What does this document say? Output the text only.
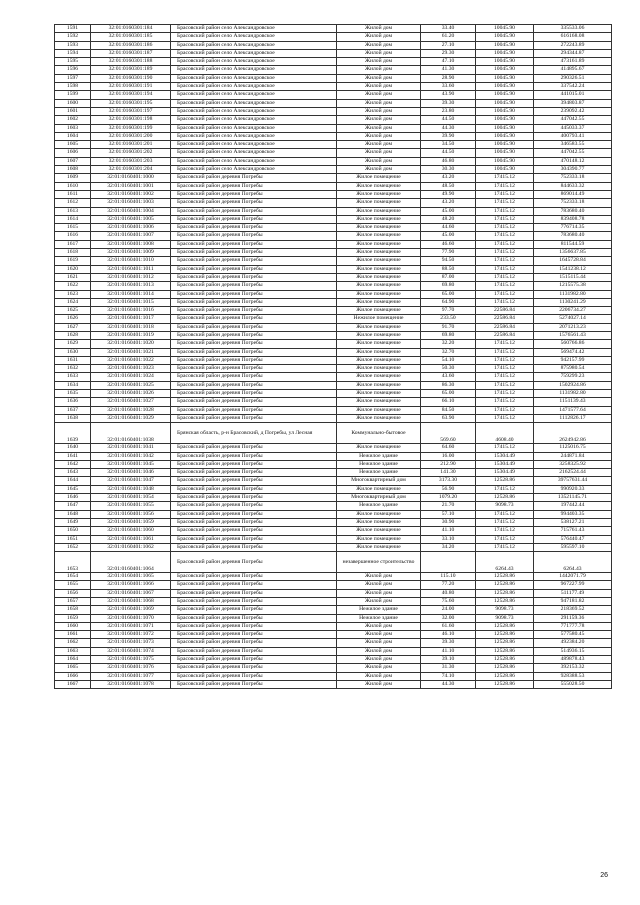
1591	32:01:0160301:184	Брасовский район село Александровское	Жилой дом	33.40	10045.90	335533.06
1592	32:01:0160301:185	Брасовский район село Александровское	Жилой дом	61.20	10045.90	616168.08
1593	32:01:0160301:186	Брасовский район село Александровское	Жилой дом	27.10	10045.90	272243.89
1594	32:01:0160301:187	Брасовский район село Александровское	Жилой дом	29.30	10045.90	294344.87
1595	32:01:0160301:188	Брасовский район село Александровское	Жилой дом	47.10	10045.90	473161.89
1596	32:01:0160301:189	Брасовский район село Александровское	Жилой дом	41.30	10045.90	414895.67
1597	32:01:0160301:190	Брасовский район село Александровское	Жилой дом	28.90	10045.90	290326.51
1598	32:01:0160301:191	Брасовский район село Александровское	Жилой дом	33.60	10045.90	337542.24
1599	32:01:0160301:194	Брасовский район село Александровское	Жилой дом	43.90	10045.90	441015.01
1600	32:01:0160301:195	Брасовский район село Александровское	Жилой дом	39.30	10045.90	394803.87
1601	32:01:0160301:197	Брасовский район село Александровское	Жилой дом	23.80	10045.90	239092.42
1602	32:01:0160301:198	Брасовский район село Александровское	Жилой дом	44.50	10045.90	447042.55
1603	32:01:0160301:199	Брасовский район село Александровское	Жилой дом	44.30	10045.90	445033.37
1604	32:01:0160301:200	Брасовский район село Александровское	Жилой дом	39.90	10045.90	400793.41
1605	32:01:0160301:201	Брасовский район село Александровское	Жилой дом	34.50	10045.90	346583.55
1606	32:01:0160301:202	Брасовский район село Александровское	Жилой дом	44.50	10045.90	447042.55
1607	32:01:0160301:203	Брасовский район село Александровское	Жилой дом	46.80	10045.90	470148.12
1608	32:01:0160301:204	Брасовский район село Александровское	Жилой дом	30.30	10045.90	304390.77
1609	32:01:0160401:1000	Брасовский район деревня Погребы	Жилое помещение	43.20	17415.12	752333.18
1610	32:01:0160401:1001	Брасовский район деревня Погребы	Жилое помещение	48.50	17415.12	844633.32
1611	32:01:0160401:1002	Брасовский район деревня Погребы	Жилое помещение	49.90	17415.12	869014.49
1612	32:01:0160401:1003	Брасовский район деревня Погребы	Жилое помещение	43.20	17415.12	752333.18
1613	32:01:0160401:1004	Брасовский район деревня Погребы	Жилое помещение	45.00	17415.12	783680.40
1614	32:01:0160401:1005	Брасовский район деревня Погребы	Жилое помещение	48.20	17415.12	839408.78
1615	32:01:0160401:1006	Брасовский район деревня Погребы	Жилое помещение	44.60	17415.12	776714.35
1616	32:01:0160401:1007	Брасовский район деревня Погребы	Жилое помещение	45.00	17415.12	783680.40
1617	32:01:0160401:1008	Брасовский район деревня Погребы	Жилое помещение	46.60	17415.12	811544.59
1618	32:01:0160401:1009	Брасовский район деревня Погребы	Жилое помещение	77.90	17415.12	1356637.85
1619	32:01:0160401:1010	Брасовский район деревня Погребы	Жилое помещение	94.50	17415.12	1645728.84
1620	32:01:0160401:1011	Брасовский район деревня Погребы	Жилое помещение	88.50	17415.12	1541238.12
1621	32:01:0160401:1012	Брасовский район деревня Погребы	Жилое помещение	87.00	17415.12	1515115.44
1622	32:01:0160401:1013	Брасовский район деревня Погребы	Жилое помещение	69.80	17415.12	1215575.38
1623	32:01:0160401:1014	Брасовский район деревня Погребы	Жилое помещение	65.00	17415.12	1131982.80
1624	32:01:0160401:1015	Брасовский район деревня Погребы	Жилое помещение	64.90	17415.12	1130241.29
1625	32:01:0160401:1016	Брасовский район деревня Погребы	Жилое помещение	97.70	22586.84	2206734.27
1626	32:01:0160401:1017	Брасовский район деревня Погребы	Нежилое помещение	233.50	22586.84	5274027.14
1627	32:01:0160401:1018	Брасовский район деревня Погребы	Жилое помещение	91.70	22586.84	2071213.23
1628	32:01:0160401:1019	Брасовский район деревня Погребы	Жилое помещение	69.80	22586.84	1576561.43
1629	32:01:0160401:1020	Брасовский район деревня Погребы	Жилое помещение	32.20	17415.12	560766.86
1630	32:01:0160401:1021	Брасовский район деревня Погребы	Жилое помещение	32.70	17415.12	569474.42
1631	32:01:0160401:1022	Брасовский район деревня Погребы	Жилое помещение	54.10	17415.12	942157.99
1632	32:01:0160401:1023	Брасовский район деревня Погребы	Жилое помещение	50.30	17415.12	875980.54
1633	32:01:0160401:1024	Брасовский район деревня Погребы	Жилое помещение	43.60	17415.12	759299.23
1634	32:01:0160401:1025	Брасовский район деревня Погребы	Жилое помещение	86.30	17415.12	1502924.86
1635	32:01:0160401:1026	Брасовский район деревня Погребы	Жилое помещение	65.00	17415.12	1131982.80
1636	32:01:0160401:1027	Брасовский район деревня Погребы	Жилое помещение	66.10	17415.12	1151139.43
1637	32:01:0160401:1028	Брасовский район деревня Погребы	Жилое помещение	84.50	17415.12	1471577.64
1638	32:01:0160401:1029	Брасовский район деревня Погребы	Жилое помещение	63.90	17415.12	1112826.17
1639	32:01:0160401:1038	Брянская область, р-н Брасовский, д Погребы, ул Лесная	Коммунально-бытовое	569.60	4608.40	2624942.86
1640	32:01:0160401:1041	Брасовский район деревня Погребы	Жилое помещение	64.60	17415.12	1125016.75
1641	32:01:0160401:1042	Брасовский район деревня Погребы	Нежилое здание	16.00	15304.49	244871.84
1642	32:01:0160401:1045	Брасовский район деревня Погребы	Нежилое здание	212.90	15304.49	3258325.92
1643	32:01:0160401:1046	Брасовский район деревня Погребы	Нежилое здание	141.30	15304.49	2162524.44
1644	32:01:0160401:1047	Брасовский район деревня Погребы	Многоквартирный дом	3173.30	12528.86	39757631.44
1645	32:01:0160401:1048	Брасовский район деревня Погребы	Жилое помещение	56.90	17415.12	990920.33
1646	32:01:0160401:1054	Брасовский район деревня Погребы	Многоквартирный дом	1079.20	12528.86	13521145.71
1647	32:01:0160401:1055	Брасовский район деревня Погребы	Нежилое здание	21.70	9098.73	197442.44
1648	32:01:0160401:1056	Брасовский район деревня Погребы	Жилое помещение	57.10	17415.12	994403.35
1649	32:01:0160401:1059	Брасовский район деревня Погребы	Жилое помещение	30.90	17415.12	538127.21
1650	32:01:0160401:1060	Брасовский район деревня Погребы	Жилое помещение	41.10	17415.12	715761.43
1651	32:01:0160401:1061	Брасовский район деревня Погребы	Жилое помещение	33.10	17415.12	576440.47
1652	32:01:0160401:1062	Брасовский район деревня Погребы	Жилое помещение	34.20	17415.12	595597.10
1653	32:01:0160401:1064	Брасовский район деревня Погребы	незавершенное строительство		6264.43	6264.43
1654	32:01:0160401:1065	Брасовский район деревня Погребы	Жилой дом	115.10	12528.86	1442071.79
1655	32:01:0160401:1066	Брасовский район деревня Погребы	Жилой дом	77.20	12528.86	967227.99
1656	32:01:0160401:1067	Брасовский район деревня Погребы	Жилой дом	40.80	12528.86	511177.49
1657	32:01:0160401:1068	Брасовский район деревня Погребы	Жилой дом	75.60	12528.86	947181.82
1658	32:01:0160401:1069	Брасовский район деревня Погребы	Нежилое здание	24.00	9098.73	218369.52
1659	32:01:0160401:1070	Брасовский район деревня Погребы	Нежилое здание	32.00	9098.73	291159.36
1660	32:01:0160401:1071	Брасовский район деревня Погребы	Жилой дом	61.60	12528.86	771777.78
1661	32:01:0160401:1072	Брасовский район деревня Погребы	Жилой дом	46.10	12528.86	577580.45
1662	32:01:0160401:1073	Брасовский район деревня Погребы	Жилой дом	39.30	12528.86	492384.20
1663	32:01:0160401:1074	Брасовский район деревня Погребы	Жилой дом	41.10	12528.86	514936.15
1664	32:01:0160401:1075	Брасовский район деревня Погребы	Жилой дом	39.10	12528.86	489878.43
1665	32:01:0160401:1076	Брасовский район деревня Погребы	Жилой дом	31.30	12528.86	392153.32
1666	32:01:0160401:1077	Брасовский район деревня Погребы	Жилой дом	74.10	12528.86	928388.53
1667	32:01:0160401:1078	Брасовский район деревня Погребы	Жилой дом	44.30	12528.86	555028.50
26
